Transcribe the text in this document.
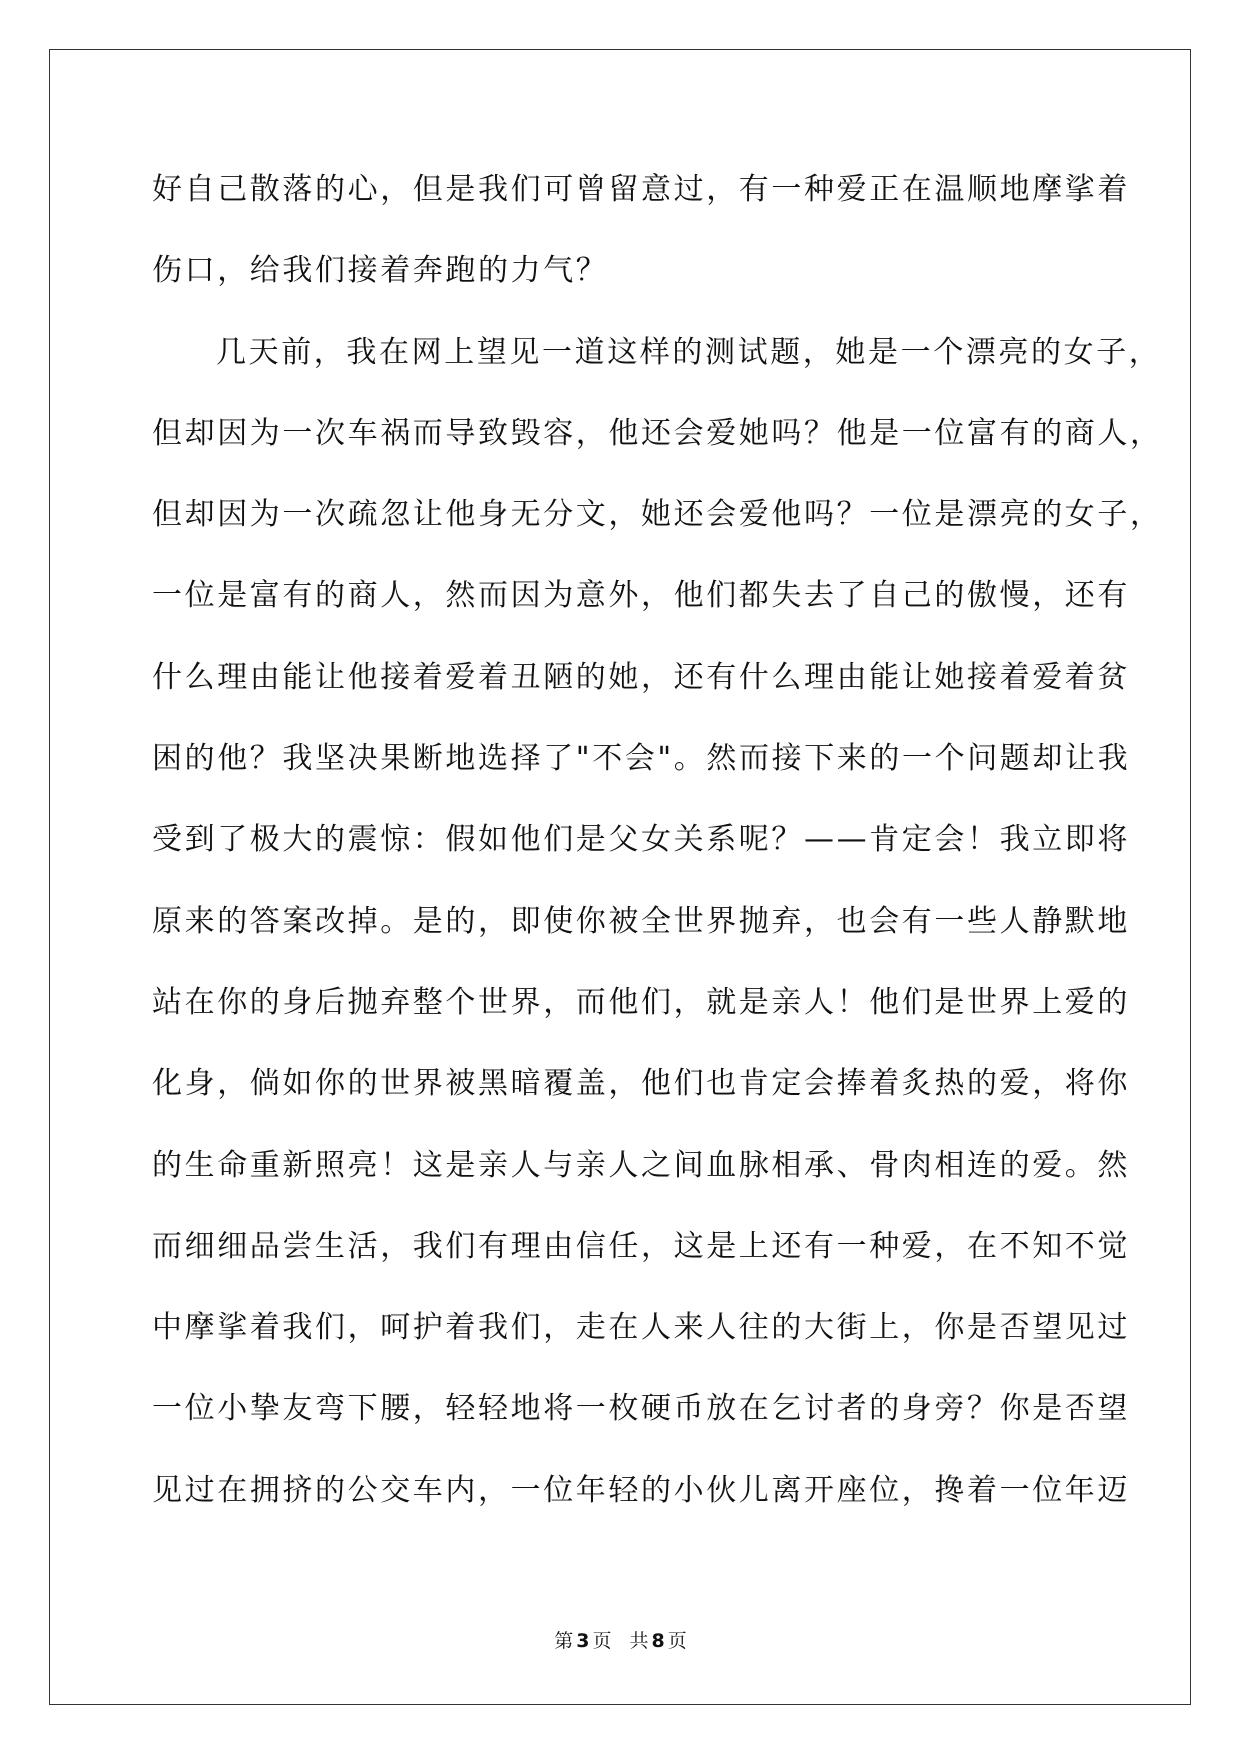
好自己散落的心，但是我们可曾留意过，有一种爱正在温顺地摩挲着
伤口，给我们接着奔跑的力气？
几天前，我在网上望见一道这样的测试题，她是一个漂亮的女子，
但却因为一次车祸而导致毁容，他还会爱她吗？他是一位富有的商人，
但却因为一次疏忽让他身无分文，她还会爱他吗？一位是漂亮的女子，
一位是富有的商人，然而因为意外，他们都失去了自己的傲慢，还有
什么理由能让他接着爱着丑陋的她，还有什么理由能让她接着爱着贫
困的他？我坚决果断地选择了"不会"。然而接下来的一个问题却让我
受到了极大的震惊：假如他们是父女关系呢？——肯定会！我立即将
原来的答案改掉。是的，即使你被全世界抛弃，也会有一些人静默地
站在你的身后抛弃整个世界，而他们，就是亲人！他们是世界上爱的
化身，倘如你的世界被黑暗覆盖，他们也肯定会捧着炙热的爱，将你
的生命重新照亮！这是亲人与亲人之间血脉相承、骨肉相连的爱。然
而细细品尝生活，我们有理由信任，这是上还有一种爱，在不知不觉
中摩挲着我们，呵护着我们，走在人来人往的大街上，你是否望见过
一位小挚友弯下腰，轻轻地将一枚硬币放在乞讨者的身旁？你是否望
见过在拥挤的公交车内，一位年轻的小伙儿离开座位，搀着一位年迈
第 3 页 共 8 页
